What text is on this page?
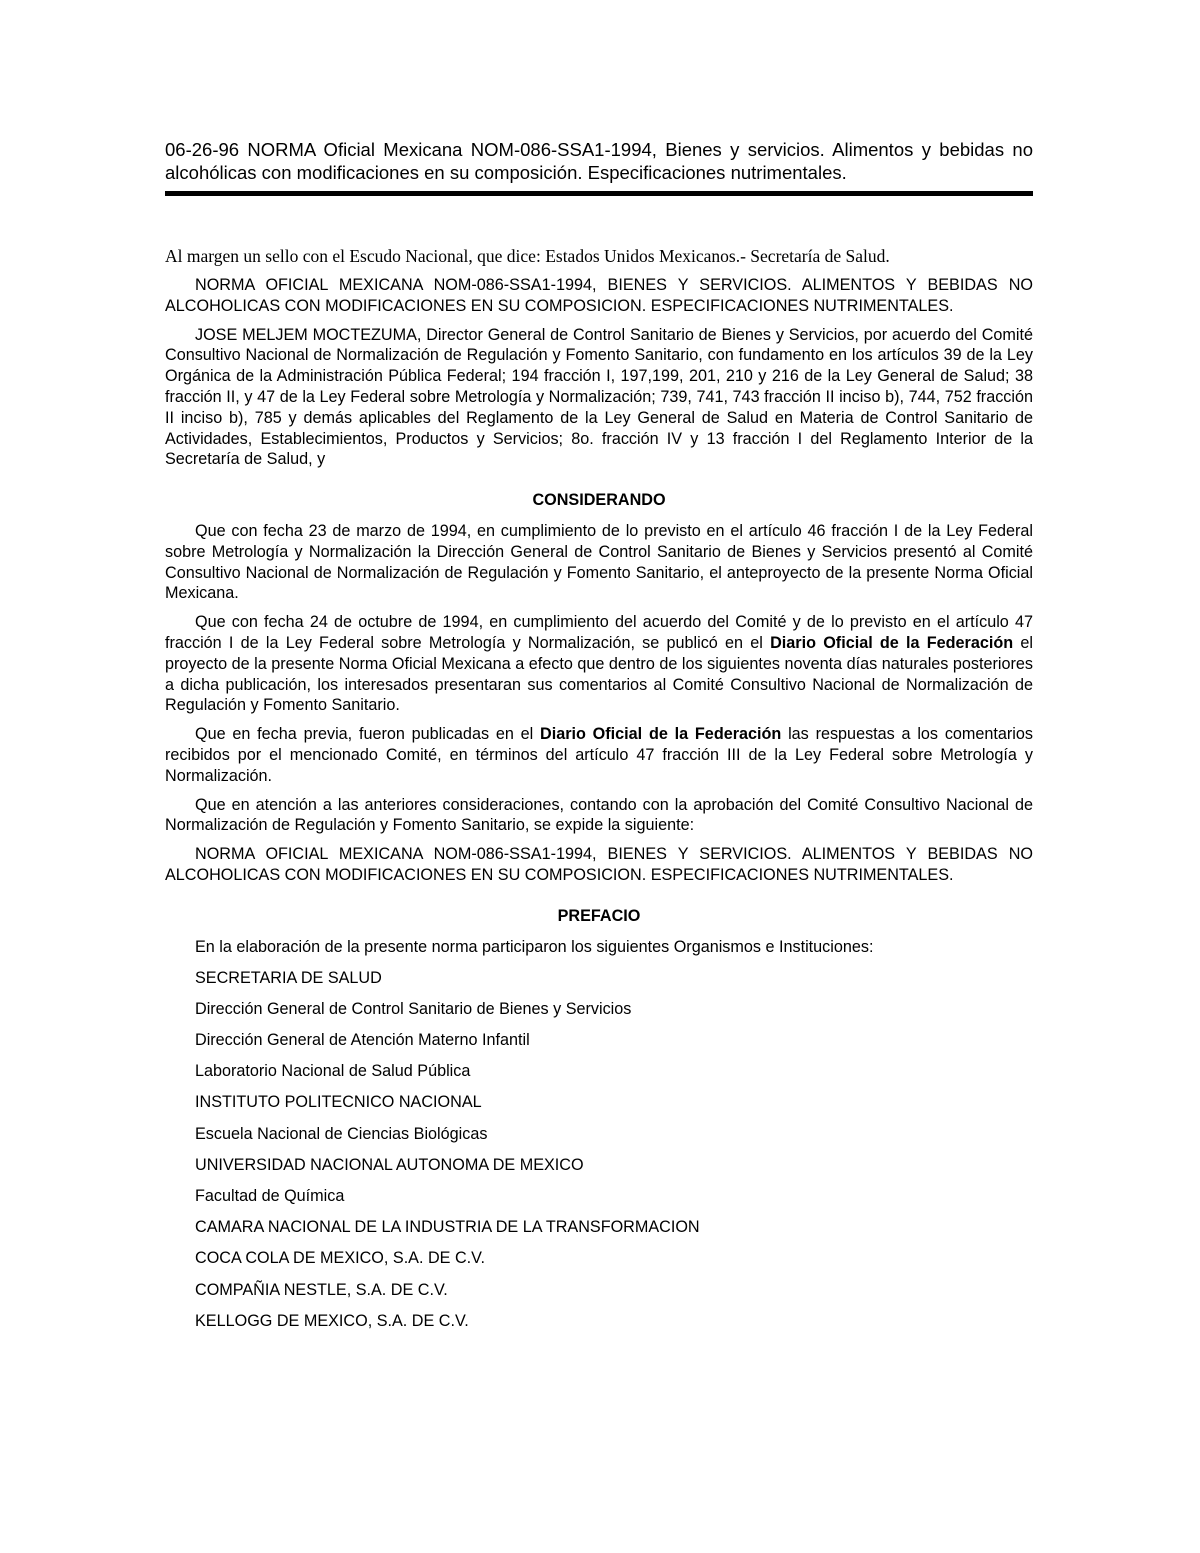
06-26-96 NORMA Oficial Mexicana NOM-086-SSA1-1994, Bienes y servicios. Alimentos y bebidas no alcohólicas con modificaciones en su composición. Especificaciones nutrimentales.

Al margen un sello con el Escudo Nacional, que dice: Estados Unidos Mexicanos.- Secretaría de Salud.

NORMA OFICIAL MEXICANA NOM-086-SSA1-1994, BIENES Y SERVICIOS. ALIMENTOS Y BEBIDAS NO ALCOHOLICAS CON MODIFICACIONES EN SU COMPOSICION. ESPECIFICACIONES NUTRIMENTALES.

JOSE MELJEM MOCTEZUMA, Director General de Control Sanitario de Bienes y Servicios, por acuerdo del Comité Consultivo Nacional de Normalización de Regulación y Fomento Sanitario, con fundamento en los artículos 39 de la Ley Orgánica de la Administración Pública Federal; 194 fracción I, 197,199, 201, 210 y 216 de la Ley General de Salud; 38 fracción II, y 47 de la Ley Federal sobre Metrología y Normalización; 739, 741, 743 fracción II inciso b), 744, 752 fracción II inciso b), 785 y demás aplicables del Reglamento de la Ley General de Salud en Materia de Control Sanitario de Actividades, Establecimientos, Productos y Servicios; 8o. fracción IV y 13 fracción I del Reglamento Interior de la Secretaría de Salud, y

CONSIDERANDO

Que con fecha 23 de marzo de 1994, en cumplimiento de lo previsto en el artículo 46 fracción I de la Ley Federal sobre Metrología y Normalización la Dirección General de Control Sanitario de Bienes y Servicios presentó al Comité Consultivo Nacional de Normalización de Regulación y Fomento Sanitario, el anteproyecto de la presente Norma Oficial Mexicana.

Que con fecha 24 de octubre de 1994, en cumplimiento del acuerdo del Comité y de lo previsto en el artículo 47 fracción I de la Ley Federal sobre Metrología y Normalización, se publicó en el Diario Oficial de la Federación el proyecto de la presente Norma Oficial Mexicana a efecto que dentro de los siguientes noventa días naturales posteriores a dicha publicación, los interesados presentaran sus comentarios al Comité Consultivo Nacional de Normalización de Regulación y Fomento Sanitario.

Que en fecha previa, fueron publicadas en el Diario Oficial de la Federación las respuestas a los comentarios recibidos por el mencionado Comité, en términos del artículo 47 fracción III de la Ley Federal sobre Metrología y Normalización.

Que en atención a las anteriores consideraciones, contando con la aprobación del Comité Consultivo Nacional de Normalización de Regulación y Fomento Sanitario, se expide la siguiente:

NORMA OFICIAL MEXICANA NOM-086-SSA1-1994, BIENES Y SERVICIOS. ALIMENTOS Y BEBIDAS NO ALCOHOLICAS CON MODIFICACIONES EN SU COMPOSICION. ESPECIFICACIONES NUTRIMENTALES.

PREFACIO

En la elaboración de la presente norma participaron los siguientes Organismos e Instituciones:

SECRETARIA DE SALUD
Dirección General de Control Sanitario de Bienes y Servicios
Dirección General de Atención Materno Infantil
Laboratorio Nacional de Salud Pública
INSTITUTO POLITECNICO NACIONAL
Escuela Nacional de Ciencias Biológicas
UNIVERSIDAD NACIONAL AUTONOMA DE MEXICO
Facultad de Química
CAMARA NACIONAL DE LA INDUSTRIA DE LA TRANSFORMACION
COCA COLA DE MEXICO, S.A. DE C.V.
COMPAÑIA NESTLE, S.A. DE C.V.
KELLOGG DE MEXICO, S.A. DE C.V.
